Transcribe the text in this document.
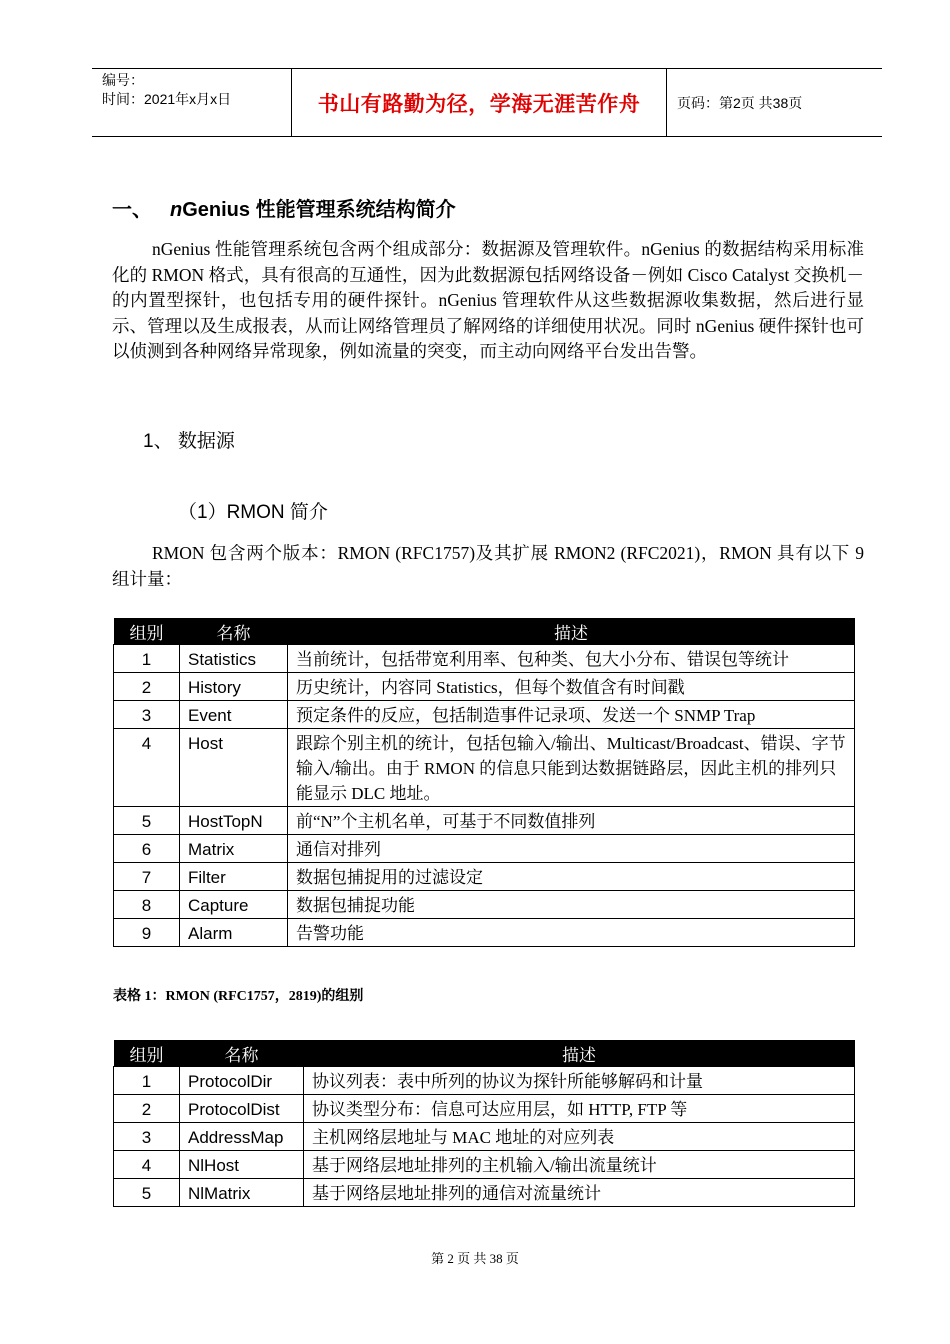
编号：
时间：2021年x月x日	书山有路勤为径，学海无涯苦作舟	页码：第2页 共38页
一、 nGenius 性能管理系统结构简介

nGenius 性能管理系统包含两个组成部分：数据源及管理软件。nGenius 的数据结构采用标准化的 RMON 格式，具有很高的互通性，因为此数据源包括网络设备－例如 Cisco Catalyst 交换机－的内置型探针，也包括专用的硬件探针。nGenius 管理软件从这些数据源收集数据，然后进行显示、管理以及生成报表，从而让网络管理员了解网络的详细使用状况。同时 nGenius 硬件探针也可以侦测到各种网络异常现象，例如流量的突变，而主动向网络平台发出告警。

1、 数据源
（1）RMON 简介

RMON 包含两个版本：RMON (RFC1757)及其扩展 RMON2 (RFC2021)，RMON 具有以下 9 组计量：

组别	名称	描述
1	Statistics	当前统计，包括带宽利用率、包种类、包大小分布、错误包等统计
2	History	历史统计，内容同 Statistics，但每个数值含有时间戳
3	Event	预定条件的反应，包括制造事件记录项、发送一个 SNMP Trap
4	Host	跟踪个别主机的统计，包括包输入/输出、Multicast/Broadcast、错误、字节输入/输出。由于 RMON 的信息只能到达数据链路层，因此主机的排列只能显示 DLC 地址。
5	HostTopN	前“N”个主机名单，可基于不同数值排列
6	Matrix	通信对排列
7	Filter	数据包捕捉用的过滤设定
8	Capture	数据包捕捉功能
9	Alarm	告警功能
表格 1：RMON (RFC1757，2819)的组别
组别	名称	描述
1	ProtocolDir	协议列表：表中所列的协议为探针所能够解码和计量
2	ProtocolDist	协议类型分布：信息可达应用层，如 HTTP, FTP 等
3	AddressMap	主机网络层地址与 MAC 地址的对应列表
4	NlHost	基于网络层地址排列的主机输入/输出流量统计
5	NlMatrix	基于网络层地址排列的通信对流量统计
第 2 页 共 38 页
